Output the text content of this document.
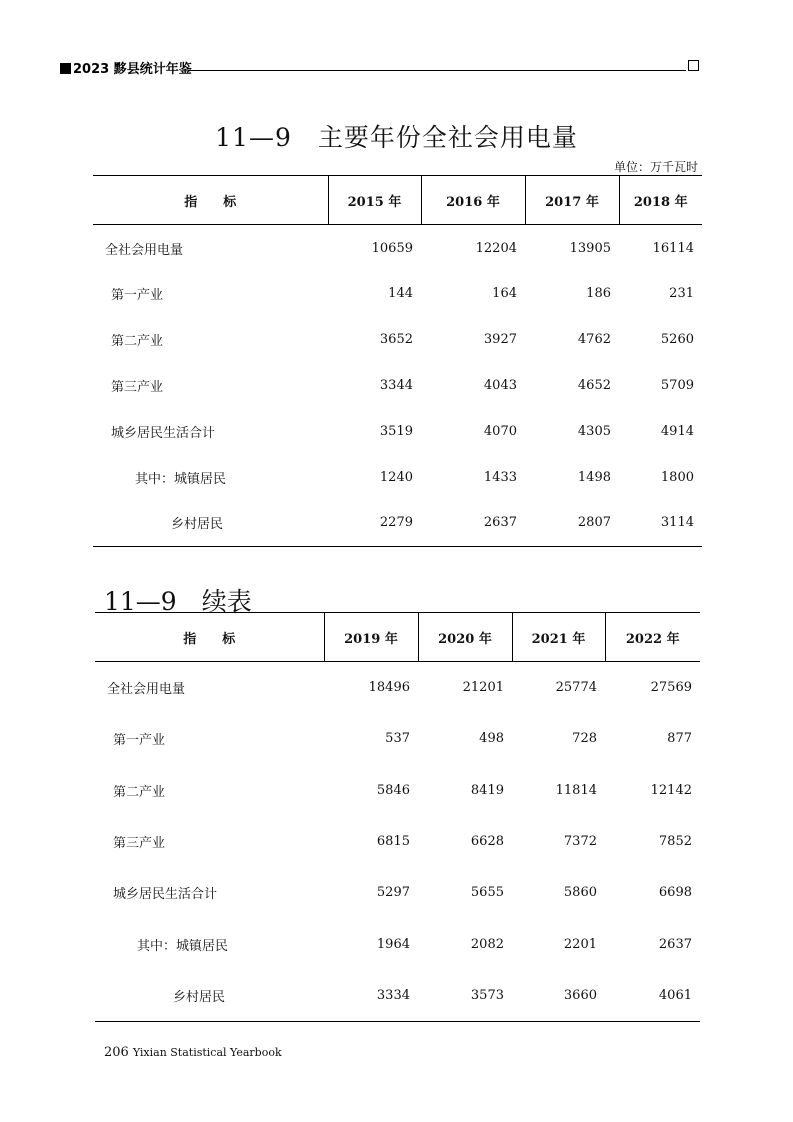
2023 黟县统计年鉴
11—9　主要年份全社会用电量
单位：万千瓦时
指　　标	2015 年	2016 年	2017 年	2018 年
全社会用电量	10659	12204	13905	16114
第一产业	144	164	186	231
第二产业	3652	3927	4762	5260
第三产业	3344	4043	4652	5709
城乡居民生活合计	3519	4070	4305	4914
其中：城镇居民	1240	1433	1498	1800
乡村居民	2279	2637	2807	3114
11—9　续表
指　　标	2019 年	2020 年	2021 年	2022 年
全社会用电量	18496	21201	25774	27569
第一产业	537	498	728	877
第二产业	5846	8419	11814	12142
第三产业	6815	6628	7372	7852
城乡居民生活合计	5297	5655	5860	6698
其中：城镇居民	1964	2082	2201	2637
乡村居民	3334	3573	3660	4061
206 Yixian Statistical Yearbook
